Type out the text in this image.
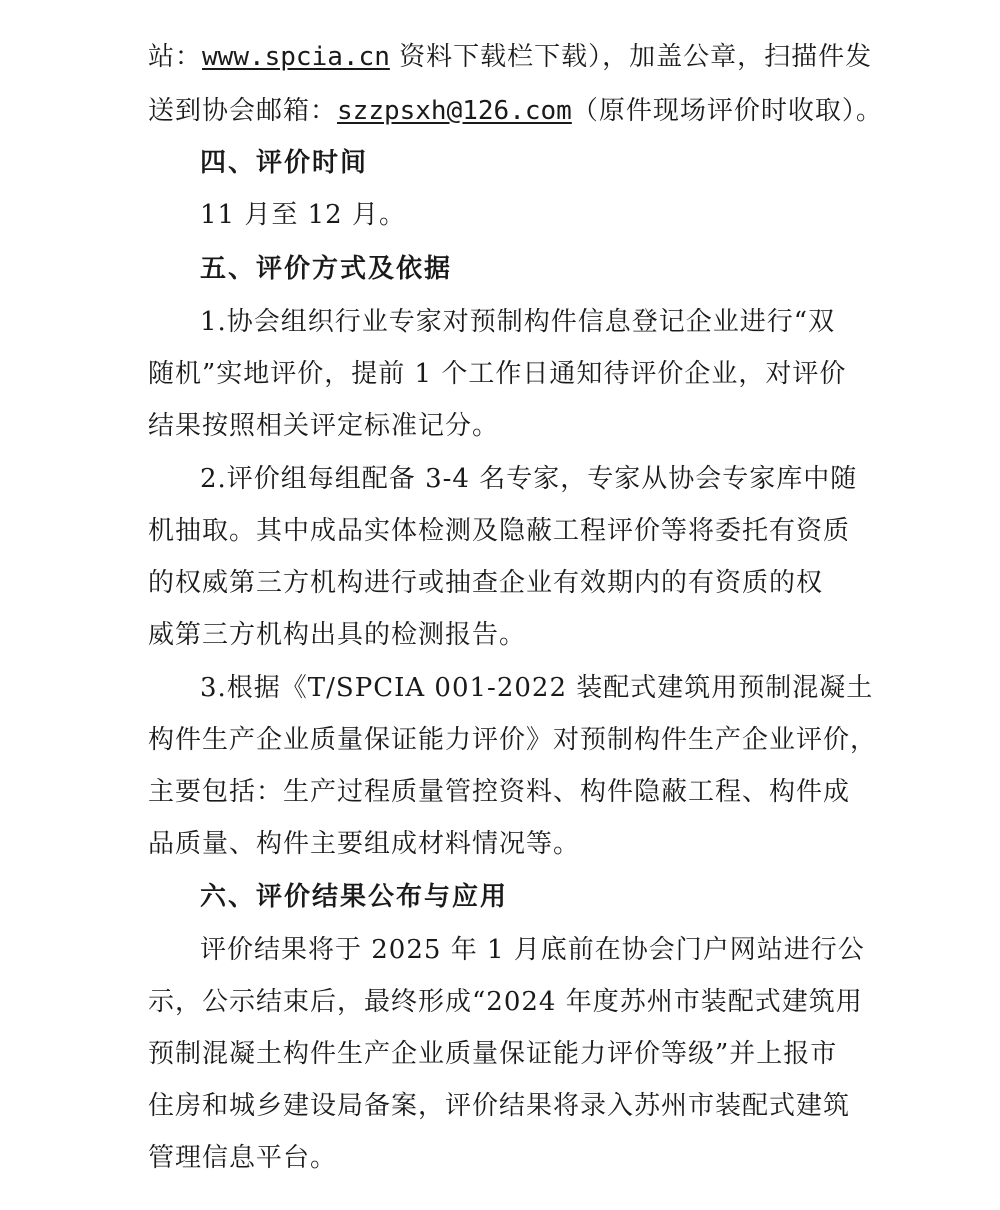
站：www.spcia.cn 资料下载栏下载），加盖公章，扫描件发
送到协会邮箱：szzpsxh@126.com（原件现场评价时收取）。
四、评价时间
11 月至 12 月。
五、评价方式及依据
1.协会组织行业专家对预制构件信息登记企业进行“双
随机”实地评价，提前 1 个工作日通知待评价企业，对评价
结果按照相关评定标准记分。
2.评价组每组配备 3-4 名专家，专家从协会专家库中随
机抽取。其中成品实体检测及隐蔽工程评价等将委托有资质
的权威第三方机构进行或抽查企业有效期内的有资质的权
威第三方机构出具的检测报告。
3.根据《T/SPCIA 001-2022 装配式建筑用预制混凝土
构件生产企业质量保证能力评价》对预制构件生产企业评价，
主要包括：生产过程质量管控资料、构件隐蔽工程、构件成
品质量、构件主要组成材料情况等。
六、评价结果公布与应用
评价结果将于 2025 年 1 月底前在协会门户网站进行公
示，公示结束后，最终形成“2024 年度苏州市装配式建筑用
预制混凝土构件生产企业质量保证能力评价等级”并上报市
住房和城乡建设局备案，评价结果将录入苏州市装配式建筑
管理信息平台。
